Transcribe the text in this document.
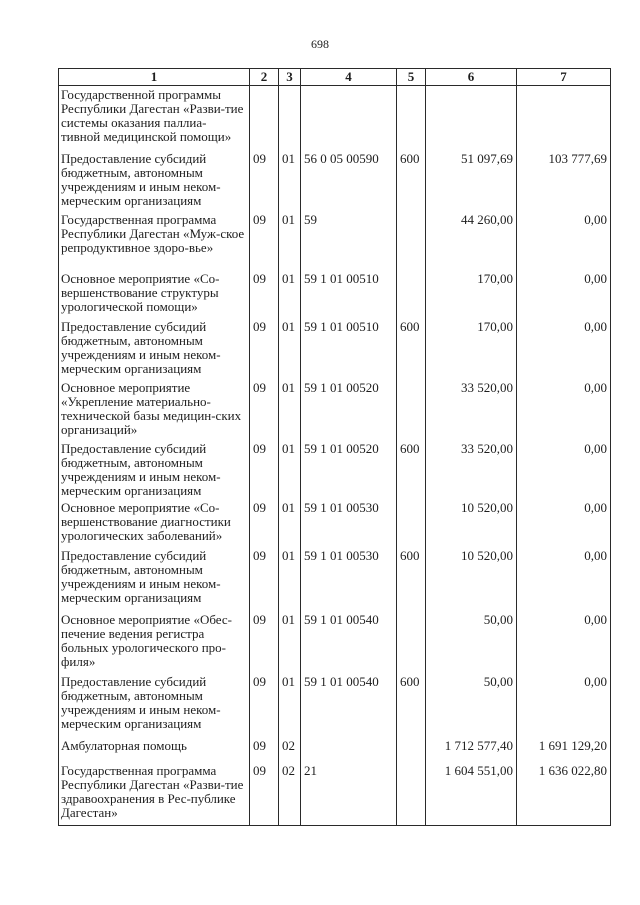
698
1	2	3	4	5	6	7
Государственной программы Республики Дагестан «Разви-тие системы оказания паллиа-тивной медицинской помощи»						
Предоставление субсидий бюджетным, автономным учреждениям и иным неком-мерческим организациям	09	01	56 0 05 00590	600	51 097,69	103 777,69
Государственная программа Республики Дагестан «Муж-ское репродуктивное здоро-вье»	09	01	59		44 260,00	0,00
Основное мероприятие «Со-вершенствование структуры урологической помощи»	09	01	59 1 01 00510		170,00	0,00
Предоставление субсидий бюджетным, автономным учреждениям и иным неком-мерческим организациям	09	01	59 1 01 00510	600	170,00	0,00
Основное мероприятие «Укрепление материально-технической базы медицин-ских организаций»	09	01	59 1 01 00520		33 520,00	0,00
Предоставление субсидий бюджетным, автономным учреждениям и иным неком-мерческим организациям	09	01	59 1 01 00520	600	33 520,00	0,00
Основное мероприятие «Со-вершенствование диагностики урологических заболеваний»	09	01	59 1 01 00530		10 520,00	0,00
Предоставление субсидий бюджетным, автономным учреждениям и иным неком-мерческим организациям	09	01	59 1 01 00530	600	10 520,00	0,00
Основное мероприятие «Обес-печение ведения регистра больных урологического про-филя»	09	01	59 1 01 00540		50,00	0,00
Предоставление субсидий бюджетным, автономным учреждениям и иным неком-мерческим организациям	09	01	59 1 01 00540	600	50,00	0,00
Амбулаторная помощь	09	02			1 712 577,40	1 691 129,20
Государственная программа Республики Дагестан «Разви-тие здравоохранения в Рес-публике Дагестан»	09	02	21		1 604 551,00	1 636 022,80
